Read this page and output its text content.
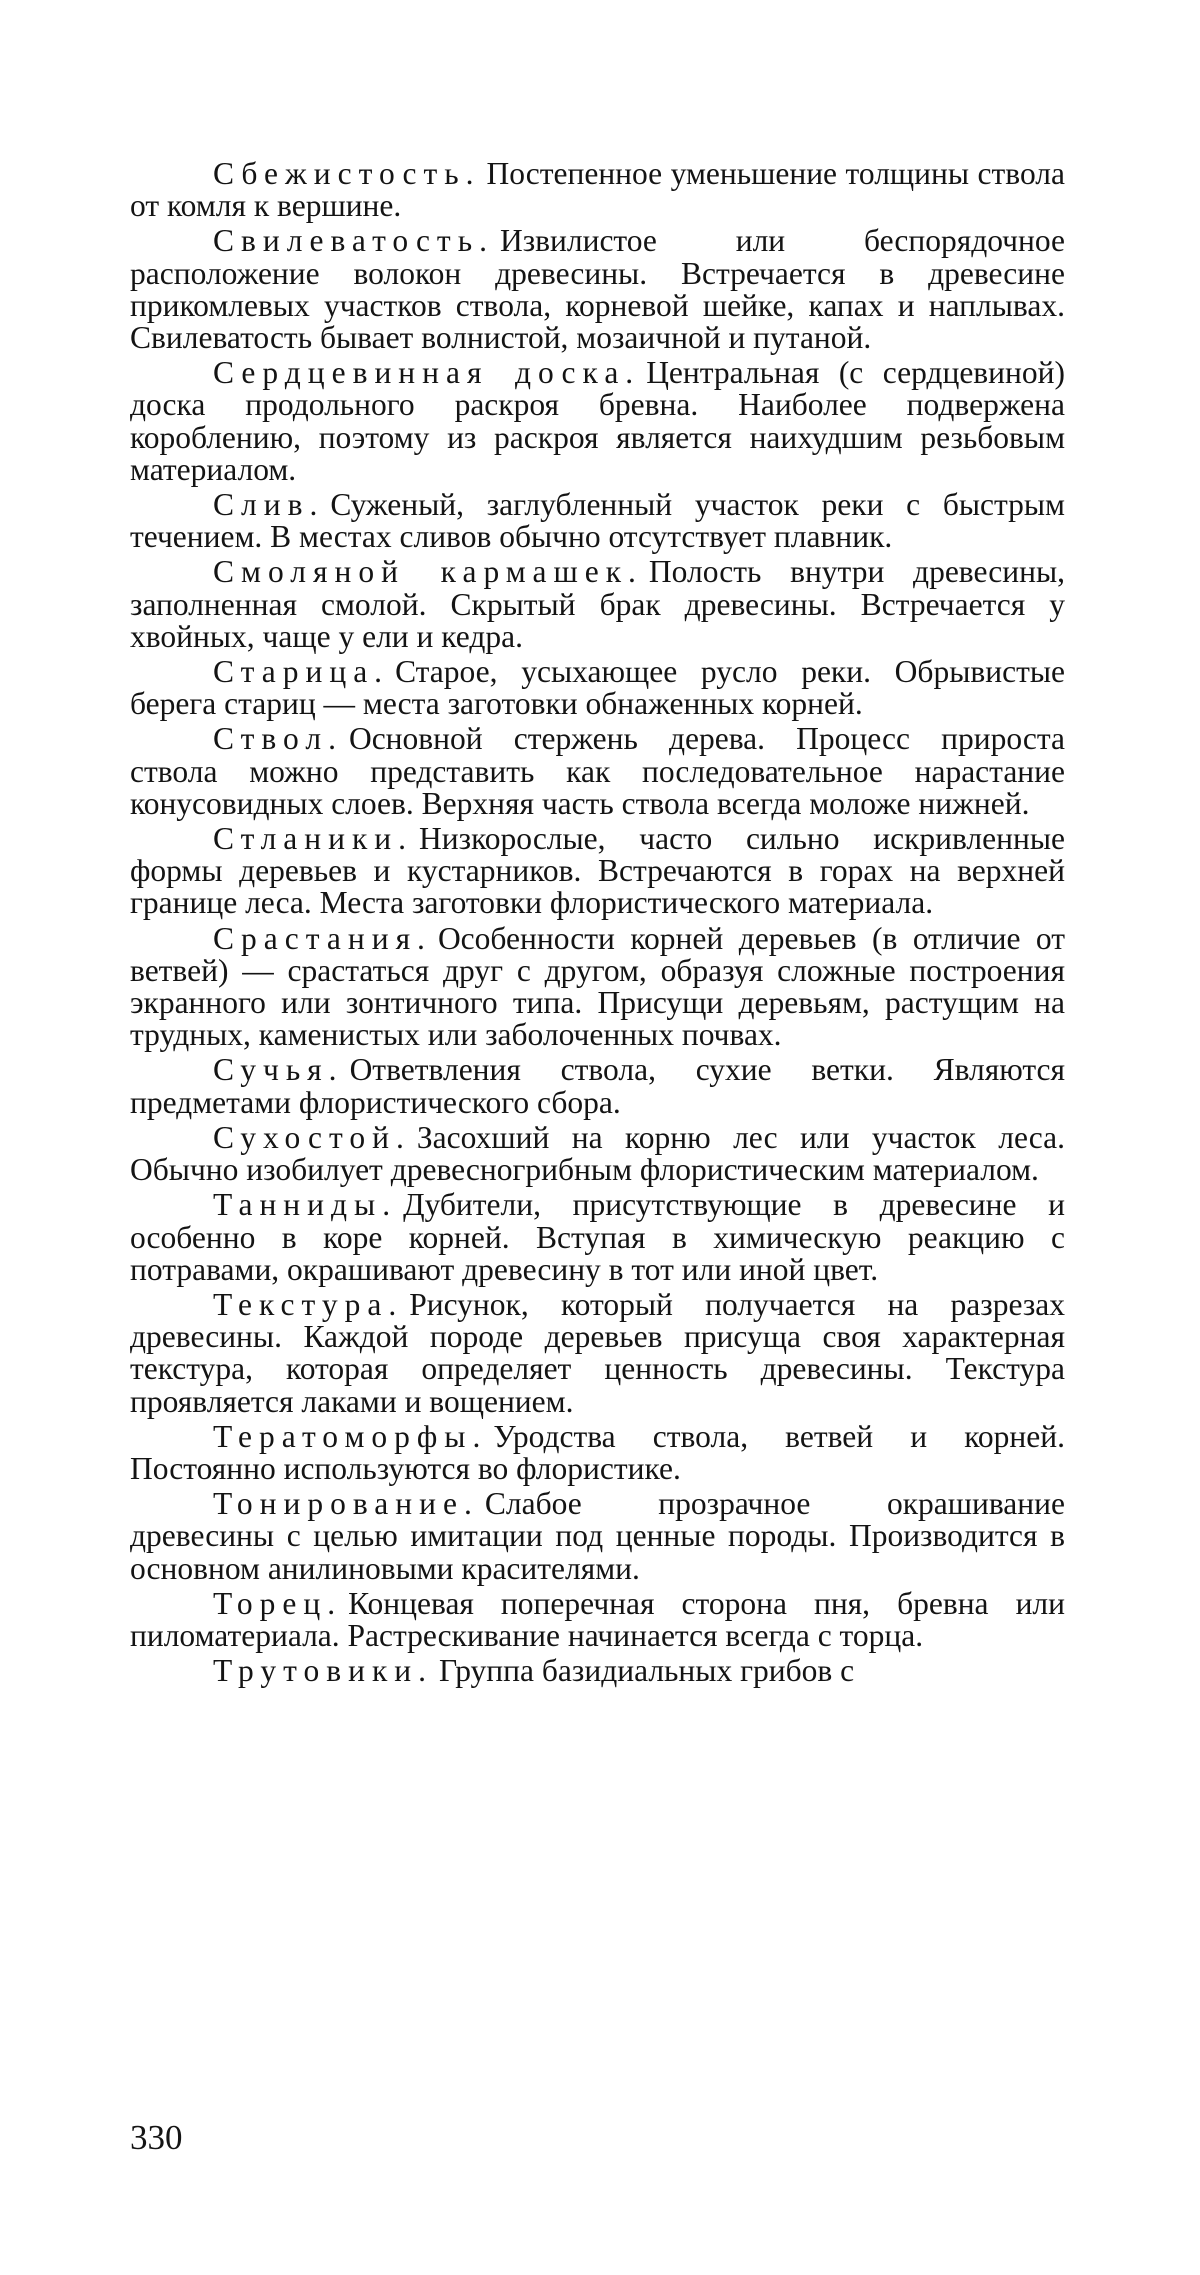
Сбежистость. Постепенное уменьшение толщины ствола от комля к вершине.

Свилеватость. Извилистое или беспорядочное расположение волокон древесины. Встречается в древесине прикомлевых участков ствола, корневой шейке, капах и наплывах. Свилеватость бывает волнистой, мозаичной и путаной.

Сердцевинная доска. Центральная (с сердцевиной) доска продольного раскроя бревна. Наиболее подвержена короблению, поэтому из раскроя является наихудшим резьбовым материалом.

Слив. Суженый, заглубленный участок реки с быстрым течением. В местах сливов обычно отсутствует плавник.

Смоляной кармашек. Полость внутри древесины, заполненная смолой. Скрытый брак древесины. Встречается у хвойных, чаще у ели и кедра.

Старица. Старое, усыхающее русло реки. Обрывистые берега стариц — места заготовки обнаженных корней.

Ствол. Основной стержень дерева. Процесс прироста ствола можно представить как последовательное нарастание конусовидных слоев. Верхняя часть ствола всегда моложе нижней.

Стланики. Низкорослые, часто сильно искривленные формы деревьев и кустарников. Встречаются в горах на верхней границе леса. Места заготовки флористического материала.

Срастания. Особенности корней деревьев (в отличие от ветвей) — срастаться друг с другом, образуя сложные построения экранного или зонтичного типа. Присущи деревьям, растущим на трудных, каменистых или заболоченных почвах.

Сучья. Ответвления ствола, сухие ветки. Являются предметами флористического сбора.

Сухостой. Засохший на корню лес или участок леса. Обычно изобилует древесногрибным флористическим материалом.

Танниды. Дубители, присутствующие в древесине и особенно в коре корней. Вступая в химическую реакцию с потравами, окрашивают древесину в тот или иной цвет.

Текстура. Рисунок, который получается на разрезах древесины. Каждой породе деревьев присуща своя характерная текстура, которая определяет ценность древесины. Текстура проявляется лаками и вощением.

Тератоморфы. Уродства ствола, ветвей и корней. Постоянно используются во флористике.

Тонирование. Слабое прозрачное окрашивание древесины с целью имитации под ценные породы. Производится в основном анилиновыми красителями.

Торец. Концевая поперечная сторона пня, бревна или пиломатериала. Растрескивание начинается всегда с торца.

Трутовики. Группа базидиальных грибов с

330
